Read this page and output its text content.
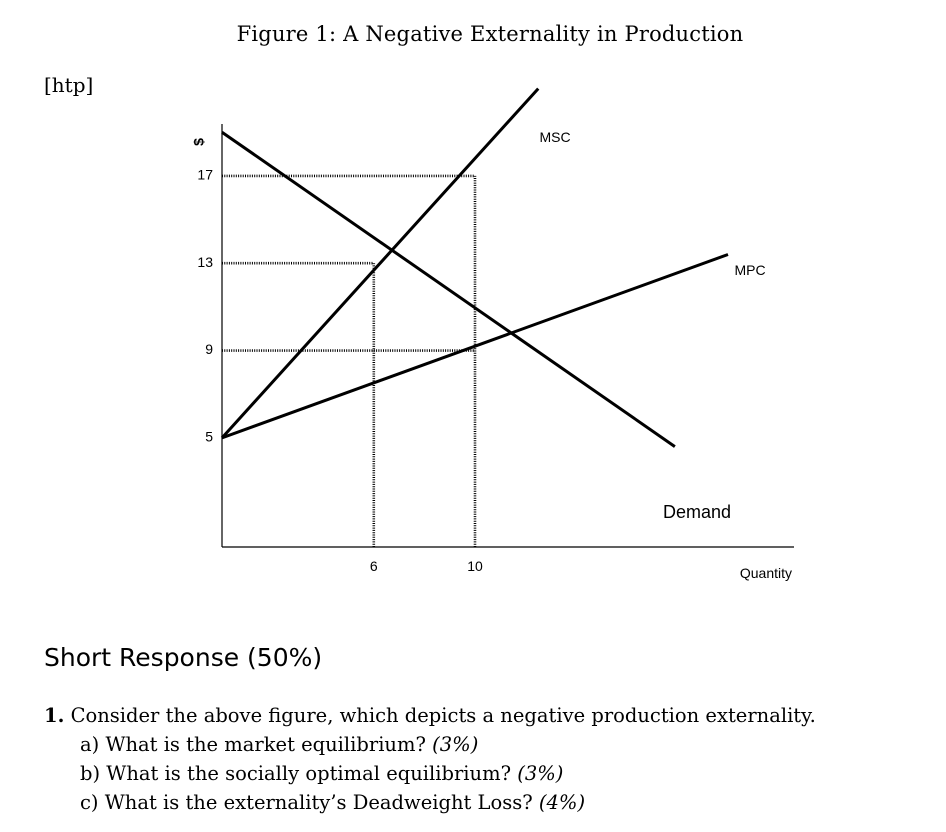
Figure 1: A Negative Externality in Production
[htp]
$
Quantity
5
9
13
17
6	10
MSC
MPC
Demand
Short Response (50%)
1. Consider the above figure, which depicts a negative production externality.
a) What is the market equilibrium? (3%)
b) What is the socially optimal equilibrium? (3%)
c) What is the externality’s Deadweight Loss? (4%)
